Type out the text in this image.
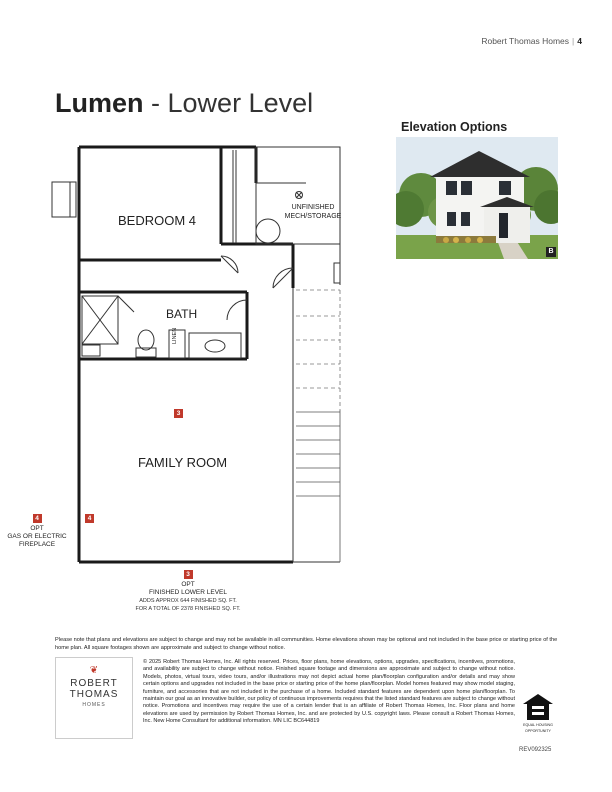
Robert Thomas Homes | 4
Lumen - Lower Level
Elevation Options
B
BEDROOM 4
UNFINISHED
MECH/STORAGE
BATH
LINEN
FAMILY ROOM
3
4
4
OPT
GAS OR ELECTRIC
FIREPLACE
3
OPT
FINISHED LOWER LEVEL
ADDS APPROX 644 FINISHED SQ. FT.
FOR A TOTAL OF 2378 FINISHED SQ. FT.
Please note that plans and elevations are subject to change and may not be available in all communities. Home elevations shown may be optional and not included in the base price or starting price of the home plan. All square footages shown are approximate and subject to change without notice.
❦
ROBERT
THOMAS
HOMES
© 2025 Robert Thomas Homes, Inc. All rights reserved. Prices, floor plans, home elevations, options, upgrades, specifications, incentives, promotions, and availability are subject to change without notice. Finished square footage and dimensions are approximate and subject to change without notice. Models, photos, virtual tours, video tours, and/or illustrations may not depict actual home plan/floorplan configuration and/or details and may show certain options and upgrades not included in the base price or starting price of the home plan/floorplan. Model homes featured may show model staging, furniture, and accessories that are not included in the purchase of a home. Included standard features are dependent upon home plan/floorplan. To maintain our goal as an innovative builder, our policy of continuous improvements requires that the listed standard features are subject to change without notice. Promotions and incentives may require the use of a certain lender that is an affiliate of Robert Thomas Homes, Inc. Floor plans and home elevations are used by permission by Robert Thomas Homes, Inc. and are protected by U.S. copyright laws. Please consult a Robert Thomas Homes, Inc. New Home Consultant for additional information. MN LIC BC644819
EQUAL HOUSING
OPPORTUNITY
REV092325
